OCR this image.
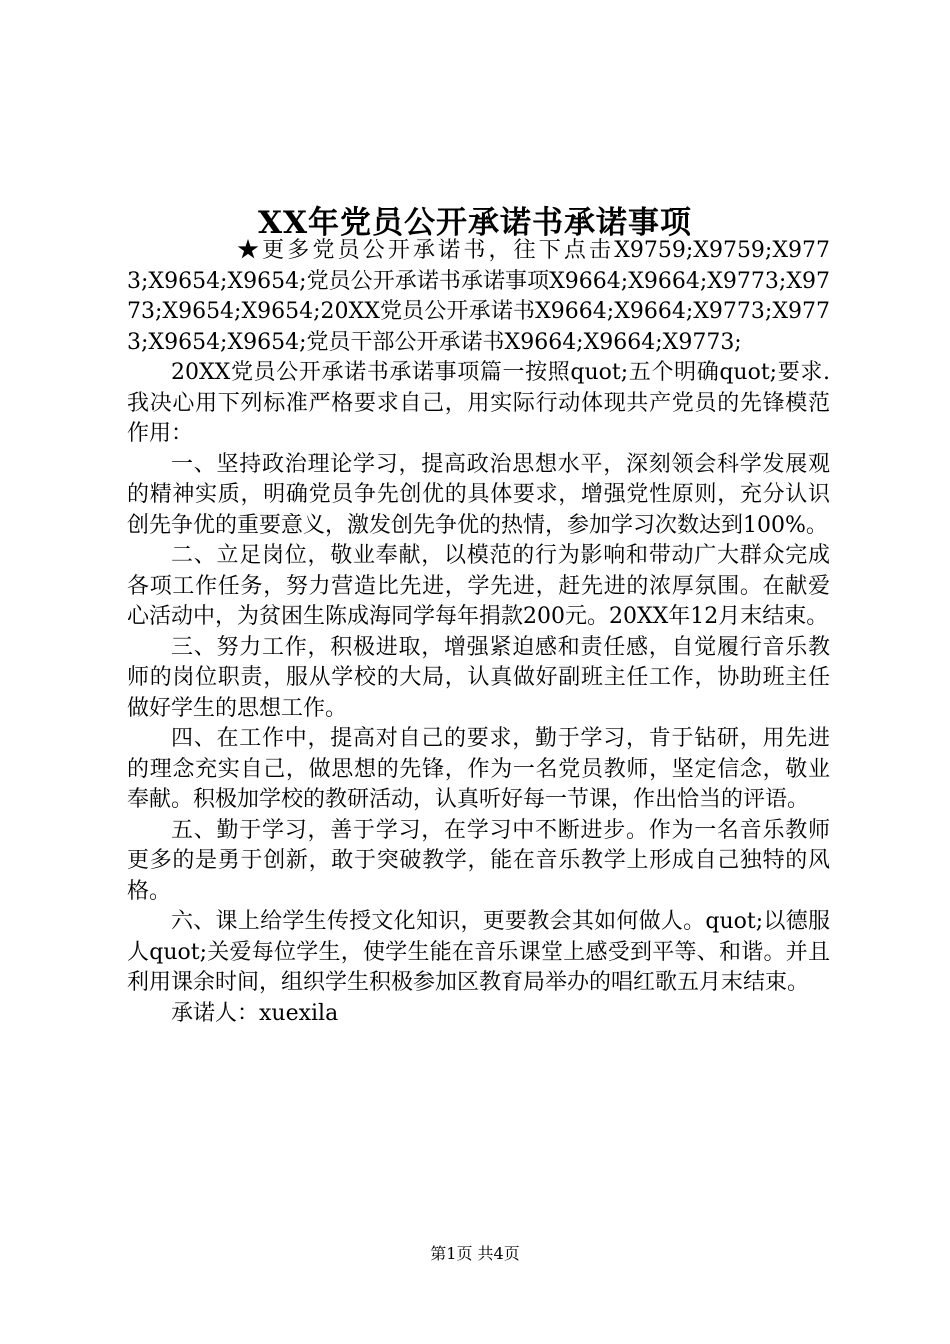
XX年党员公开承诺书承诺事项

★更多党员公开承诺书，往下点击X9759;X9759;X9773;X9654;X9654;党员公开承诺书承诺事项X9664;X9664;X9773;X9773;X9654;X9654;20XX党员公开承诺书X9664;X9664;X9773;X9773;X9654;X9654;党员干部公开承诺书X9664;X9664;X9773;

20XX党员公开承诺书承诺事项篇一按照quot;五个明确quot;要求.我决心用下列标准严格要求自己，用实际行动体现共产党员的先锋模范作用：

一、坚持政治理论学习，提高政治思想水平，深刻领会科学发展观的精神实质，明确党员争先创优的具体要求，增强党性原则，充分认识创先争优的重要意义，激发创先争优的热情，参加学习次数达到100%。

二、立足岗位，敬业奉献，以模范的行为影响和带动广大群众完成各项工作任务，努力营造比先进，学先进，赶先进的浓厚氛围。在献爱心活动中，为贫困生陈成海同学每年捐款200元。20XX年12月末结束。

三、努力工作，积极进取，增强紧迫感和责任感，自觉履行音乐教师的岗位职责，服从学校的大局，认真做好副班主任工作，协助班主任做好学生的思想工作。

四、在工作中，提高对自己的要求，勤于学习，肯于钻研，用先进的理念充实自己，做思想的先锋，作为一名党员教师，坚定信念，敬业奉献。积极加学校的教研活动，认真听好每一节课，作出恰当的评语。

五、勤于学习，善于学习，在学习中不断进步。作为一名音乐教师更多的是勇于创新，敢于突破教学，能在音乐教学上形成自己独特的风格。

六、课上给学生传授文化知识，更要教会其如何做人。quot;以德服人quot;关爱每位学生，使学生能在音乐课堂上感受到平等、和谐。并且利用课余时间，组织学生积极参加区教育局举办的唱红歌五月末结束。

承诺人：xuexila

第1页 共4页
